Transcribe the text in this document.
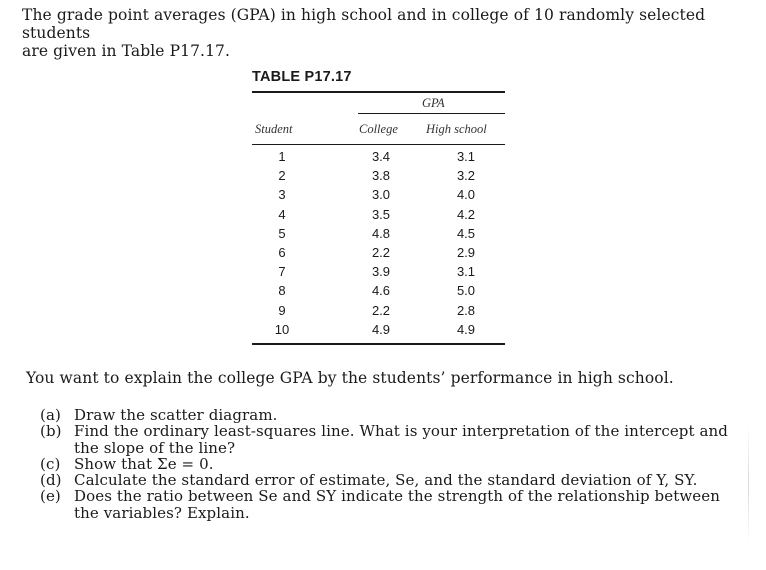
The grade point averages (GPA) in high school and in college of 10 randomly selected students

are given in Table P17.17.

TABLE P17.17
GPA
Student	College High school
1
2
3
4
5
6
7
8
9
10
3.4
3.8
3.0
3.5
4.8
2.2
3.9
4.6
2.2
4.9
3.1
3.2
4.0
4.2
4.5
2.9
3.1
5.0
2.8
4.9
You want to explain the college GPA by the students’ performance in high school.
(a) Draw the scatter diagram.
(b) Find the ordinary least-squares line. What is your interpretation of the intercept and the slope of the line?
(c) Show that Σe = 0.
(d) Calculate the standard error of estimate, Se, and the standard deviation of Y, SY.
(e) Does the ratio between Se and SY indicate the strength of the relationship between the variables? Explain.
